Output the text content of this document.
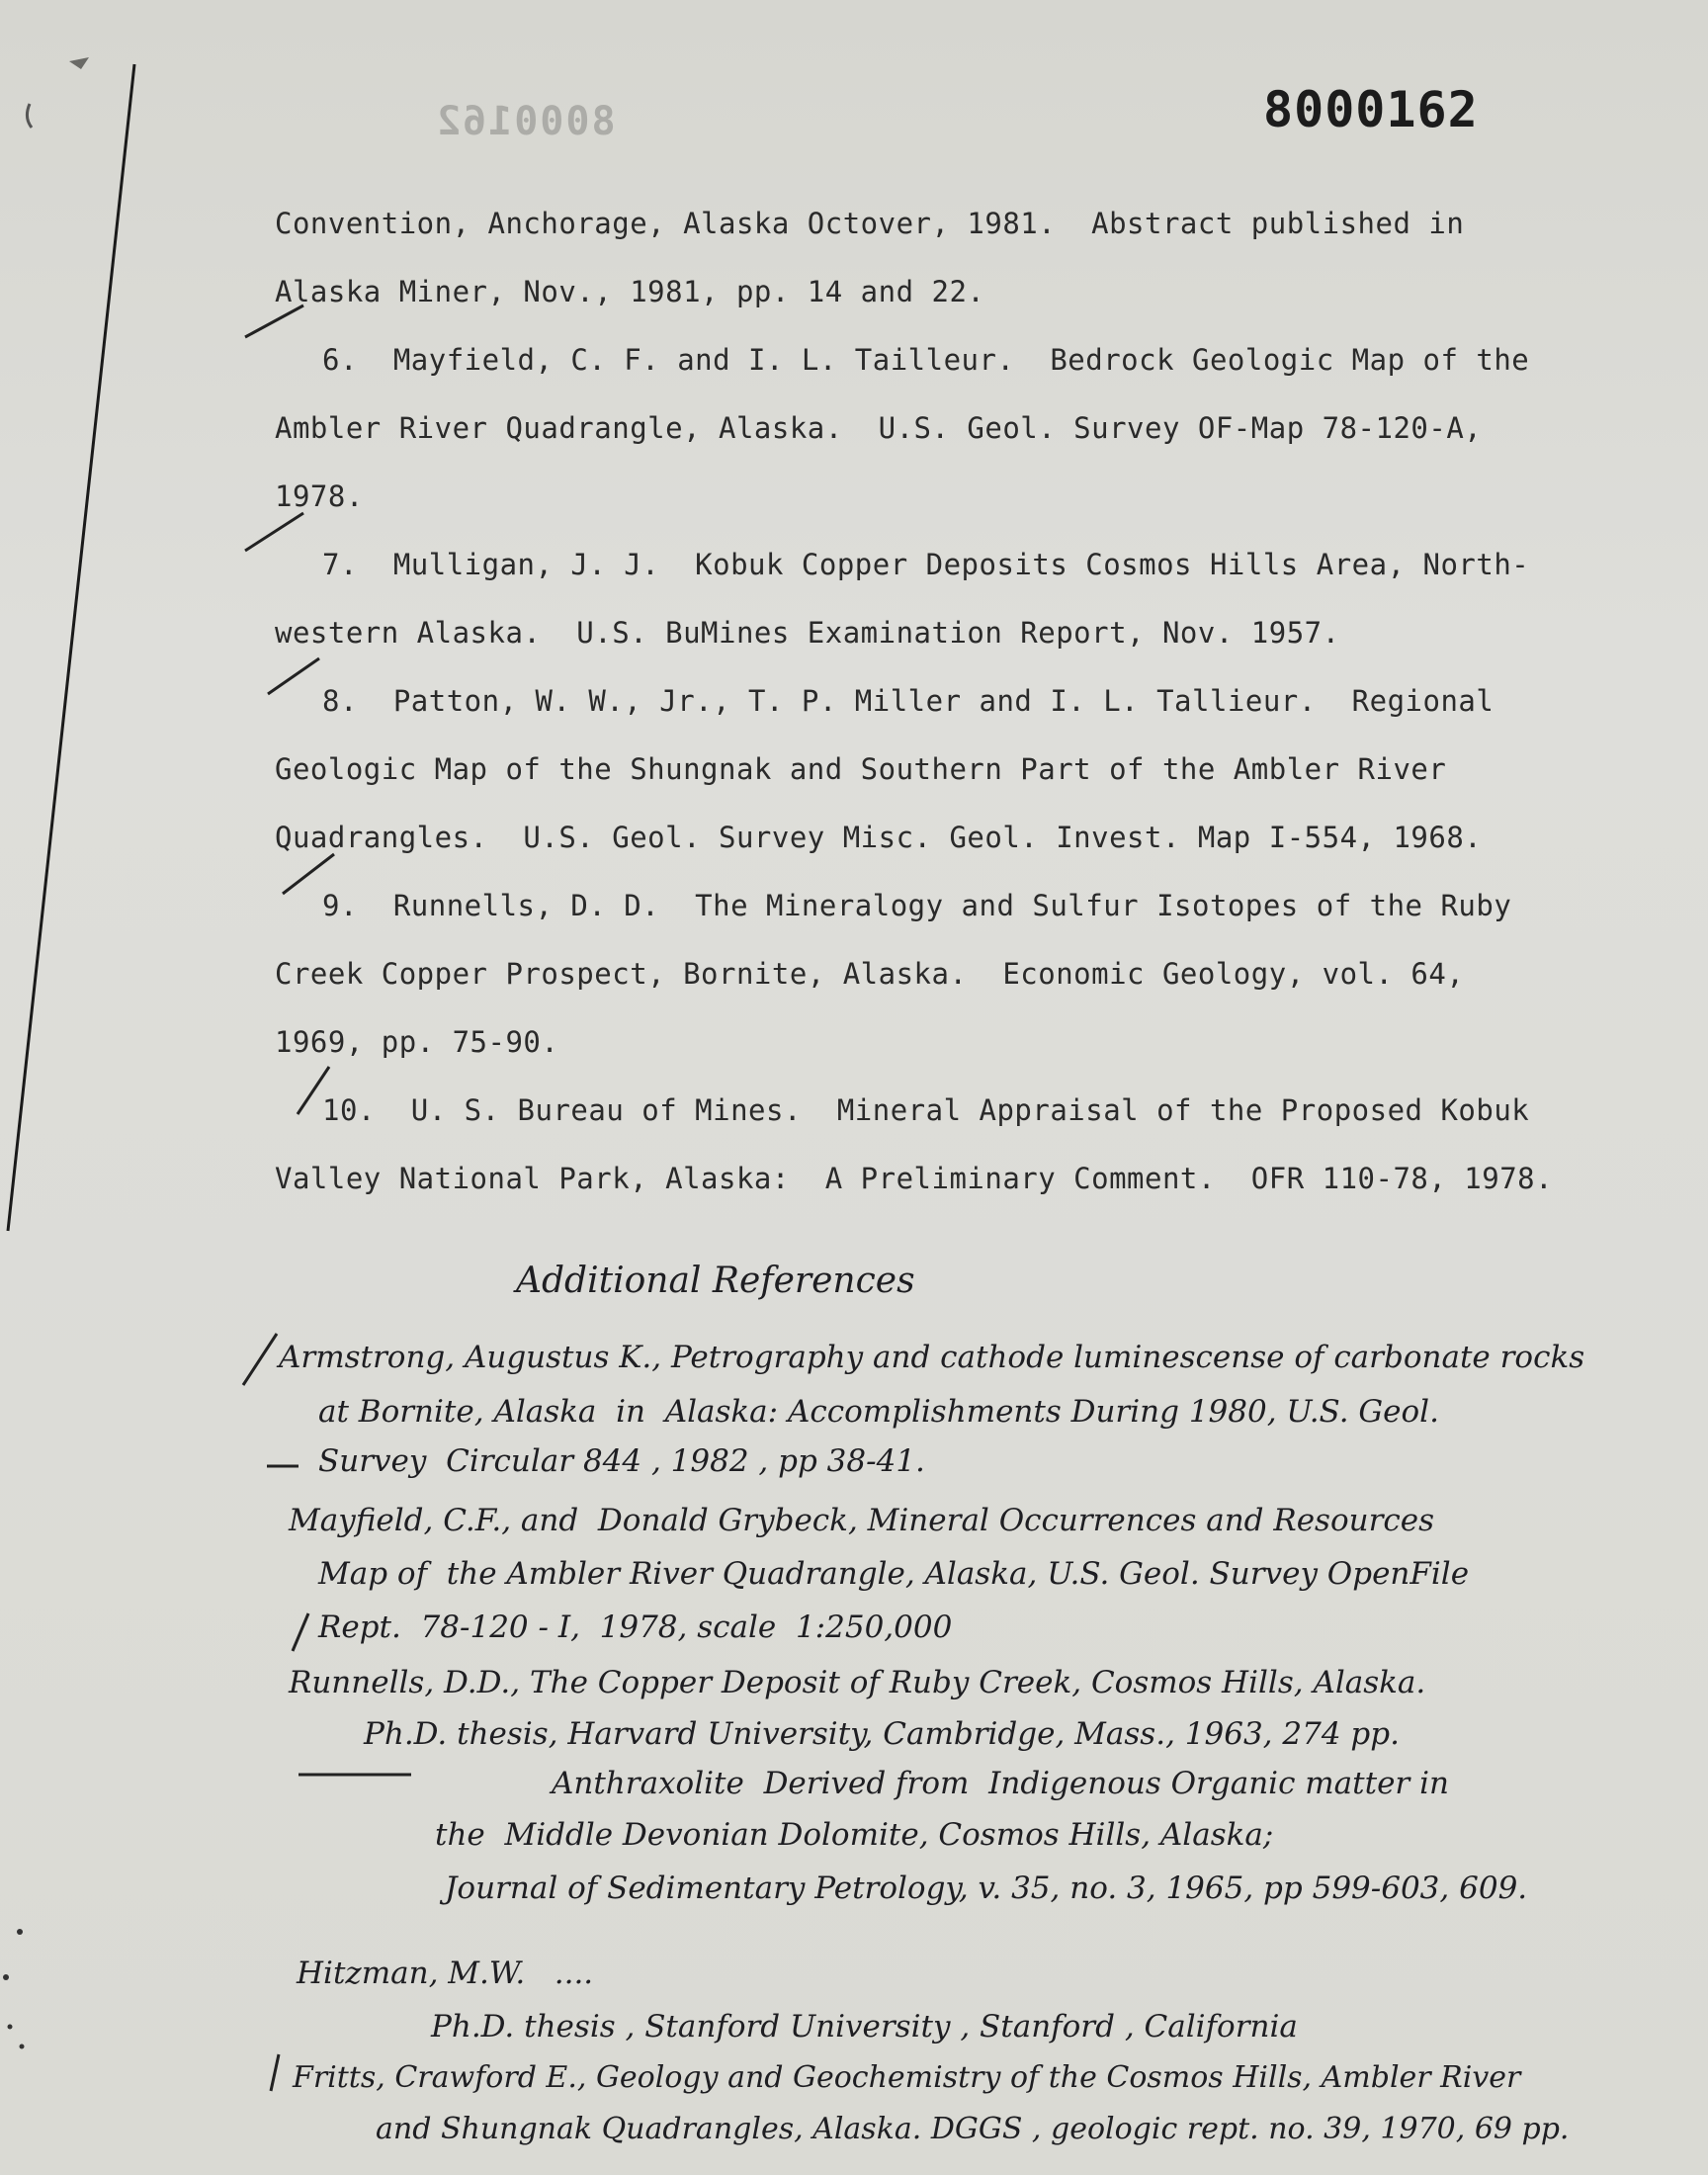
8000162	8000162
Convention, Anchorage, Alaska Octover, 1981.  Abstract published in
Alaska Miner, Nov., 1981, pp. 14 and 22.
6.  Mayfield, C. F. and I. L. Tailleur.  Bedrock Geologic Map of the
Ambler River Quadrangle, Alaska.  U.S. Geol. Survey OF-Map 78-120-A,
1978.
7.  Mulligan, J. J.  Kobuk Copper Deposits Cosmos Hills Area, North-
western Alaska.  U.S. BuMines Examination Report, Nov. 1957.
8.  Patton, W. W., Jr., T. P. Miller and I. L. Tallieur.  Regional
Geologic Map of the Shungnak and Southern Part of the Ambler River
Quadrangles.  U.S. Geol. Survey Misc. Geol. Invest. Map I-554, 1968.
9.  Runnells, D. D.  The Mineralogy and Sulfur Isotopes of the Ruby
Creek Copper Prospect, Bornite, Alaska.  Economic Geology, vol. 64,
1969, pp. 75-90.
10.  U. S. Bureau of Mines.  Mineral Appraisal of the Proposed Kobuk
Valley National Park, Alaska:  A Preliminary Comment.  OFR 110-78, 1978.
Additional References
Armstrong, Augustus K., Petrography and cathode luminescense of carbonate rocks
at Bornite, Alaska  in  Alaska: Accomplishments During 1980, U.S. Geol.
Survey  Circular 844 , 1982 , pp 38-41.
Mayfield, C.F., and  Donald Grybeck, Mineral Occurrences and Resources
Map of  the Ambler River Quadrangle, Alaska, U.S. Geol. Survey OpenFile
Rept.  78-120 - I,  1978, scale  1:250,000
Runnells, D.D., The Copper Deposit of Ruby Creek, Cosmos Hills, Alaska.
Ph.D. thesis, Harvard University, Cambridge, Mass., 1963, 274 pp.
Anthraxolite  Derived from  Indigenous Organic matter in
the  Middle Devonian Dolomite, Cosmos Hills, Alaska;
Journal of Sedimentary Petrology, v. 35, no. 3, 1965, pp 599-603, 609.
Hitzman, M.W.   ....
Ph.D. thesis , Stanford University , Stanford , California
Fritts, Crawford E., Geology and Geochemistry of the Cosmos Hills, Ambler River
and Shungnak Quadrangles, Alaska. DGGS , geologic rept. no. 39, 1970, 69 pp.
